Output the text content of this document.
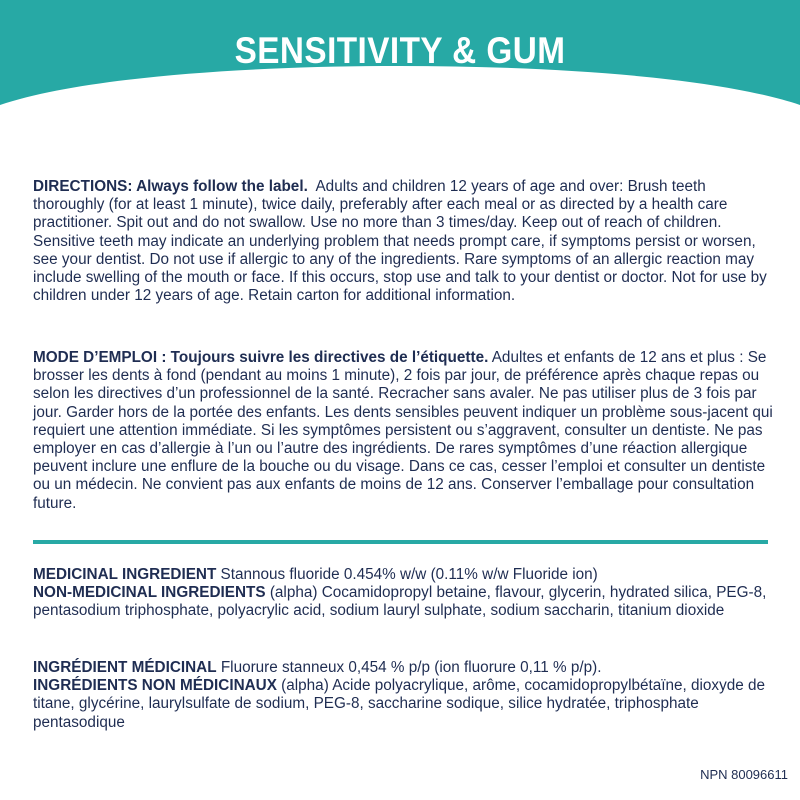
SENSITIVITY & GUM
SENSIBILITÉ & GENCIVES

DIRECTIONS: Always follow the label. Adults and children 12 years of age and over: Brush teeth thoroughly (for at least 1 minute), twice daily, preferably after each meal or as directed by a health care practitioner. Spit out and do not swallow. Use no more than 3 times/day. Keep out of reach of children. Sensitive teeth may indicate an underlying problem that needs prompt care, if symptoms persist or worsen, see your dentist. Do not use if allergic to any of the ingredients. Rare symptoms of an allergic reaction may include swelling of the mouth or face. If this occurs, stop use and talk to your dentist or doctor. Not for use by children under 12 years of age. Retain carton for additional information.

MODE D’EMPLOI : Toujours suivre les directives de l’étiquette. Adultes et enfants de 12 ans et plus : Se brosser les dents à fond (pendant au moins 1 minute), 2 fois par jour, de préférence après chaque repas ou selon les directives d’un professionnel de la santé. Recracher sans avaler. Ne pas utiliser plus de 3 fois par jour. Garder hors de la portée des enfants. Les dents sensibles peuvent indiquer un problème sous-jacent qui requiert une attention immédiate. Si les symptômes persistent ou s’aggravent, consulter un dentiste. Ne pas employer en cas d’allergie à l’un ou l’autre des ingrédients. De rares symptômes d’une réaction allergique peuvent inclure une enflure de la bouche ou du visage. Dans ce cas, cesser l’emploi et consulter un dentiste ou un médecin. Ne convient pas aux enfants de moins de 12 ans. Conserver l’emballage pour consultation future.

MEDICINAL INGREDIENT Stannous fluoride 0.454% w/w (0.11% w/w Fluoride ion)

NON-MEDICINAL INGREDIENTS (alpha) Cocamidopropyl betaine, flavour, glycerin, hydrated silica, PEG-8, pentasodium triphosphate, polyacrylic acid, sodium lauryl sulphate, sodium saccharin, titanium dioxide

INGRÉDIENT MÉDICINAL Fluorure stanneux 0,454 % p/p (ion fluorure 0,11 % p/p).

INGRÉDIENTS NON MÉDICINAUX (alpha) Acide polyacrylique, arôme, cocamidopropylbétaïne, dioxyde de titane, glycérine, laurylsulfate de sodium, PEG-8, saccharine sodique, silice hydratée, triphosphate pentasodique

NPN 80096611
